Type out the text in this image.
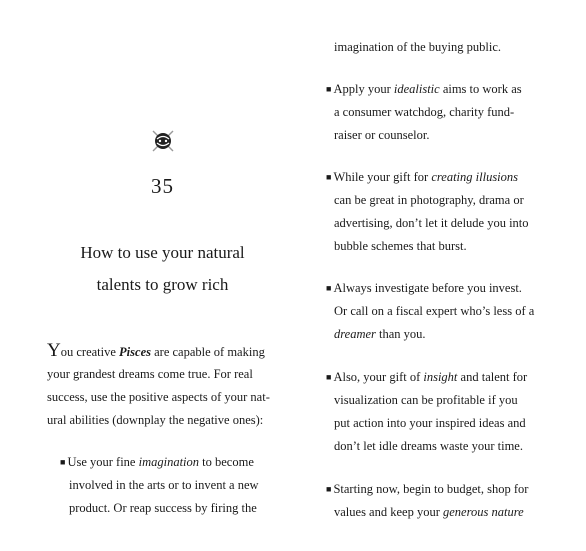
35
How to use your natural
talents to grow rich
You creative Pisces are capable of making
your grandest dreams come true. For real
success, use the positive aspects of your nat-
ural abilities (downplay the negative ones):
■ Use your fine imagination to become
involved in the arts or to invent a new
product. Or reap success by firing the
imagination of the buying public.
■ Apply your idealistic aims to work as
a consumer watchdog, charity fund-
raiser or counselor.
■ While your gift for creating illusions
can be great in photography, drama or
advertising, don’t let it delude you into
bubble schemes that burst.
■ Always investigate before you invest.
Or call on a fiscal expert who’s less of a
dreamer than you.
■ Also, your gift of insight and talent for
visualization can be profitable if you
put action into your inspired ideas and
don’t let idle dreams waste your time.
■ Starting now, begin to budget, shop for
values and keep your generous nature
